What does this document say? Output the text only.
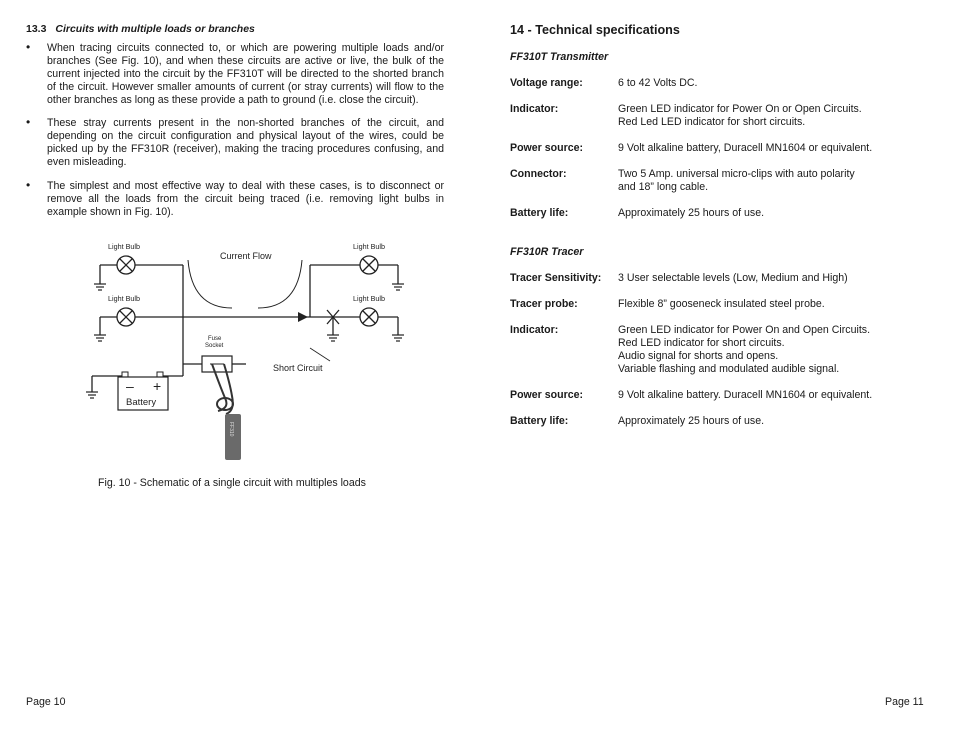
13.3 Circuits with multiple loads or branches
• When tracing circuits connected to, or which are powering multiple loads and/or branches (See Fig. 10), and when these circuits are active or live, the bulk of the current injected into the circuit by the FF310T will be directed to the shorted branch of the circuit. However smaller amounts of current (or stray currents) will flow to the other branches as long as these provide a path to ground (i.e. close the circuit).
• These stray currents present in the non-shorted branches of the circuit, and depending on the circuit configuration and physical layout of the wires, could be picked up by the FF310R (receiver), making the tracing procedures confusing, and even misleading.
• The simplest and most effective way to deal with these cases, is to disconnect or remove all the loads from the circuit being traced (i.e. removing light bulbs in example shown in Fig. 10).
Light Bulb	Light Bulb
Light Bulb	Light Bulb
Current Flow
Fuse
Socket
Short Circuit
– +
Battery
FF310
Fig. 10 - Schematic of a single circuit with multiples loads
Page 10
14 - Technical specifications
FF310T Transmitter
Voltage range:	6 to 42 Volts DC.
Indicator:	Green LED indicator for Power On or Open Circuits.
Red Led LED indicator for short circuits.
Power source:	9 Volt alkaline battery, Duracell MN1604 or equivalent.
Connector:	Two 5 Amp. universal micro-clips with auto polarity
and 18” long cable.
Battery life:	Approximately 25 hours of use.
FF310R Tracer
Tracer Sensitivity: 3 User selectable levels (Low, Medium and High)
Tracer probe:	Flexible 8” gooseneck insulated steel probe.
Indicator:	Green LED indicator for Power On and Open Circuits.
Red LED indicator for short circuits.
Audio signal for shorts and opens.
Variable flashing and modulated audible signal.
Power source:	9 Volt alkaline battery. Duracell MN1604 or equivalent.
Battery life:	Approximately 25 hours of use.
Page 11
